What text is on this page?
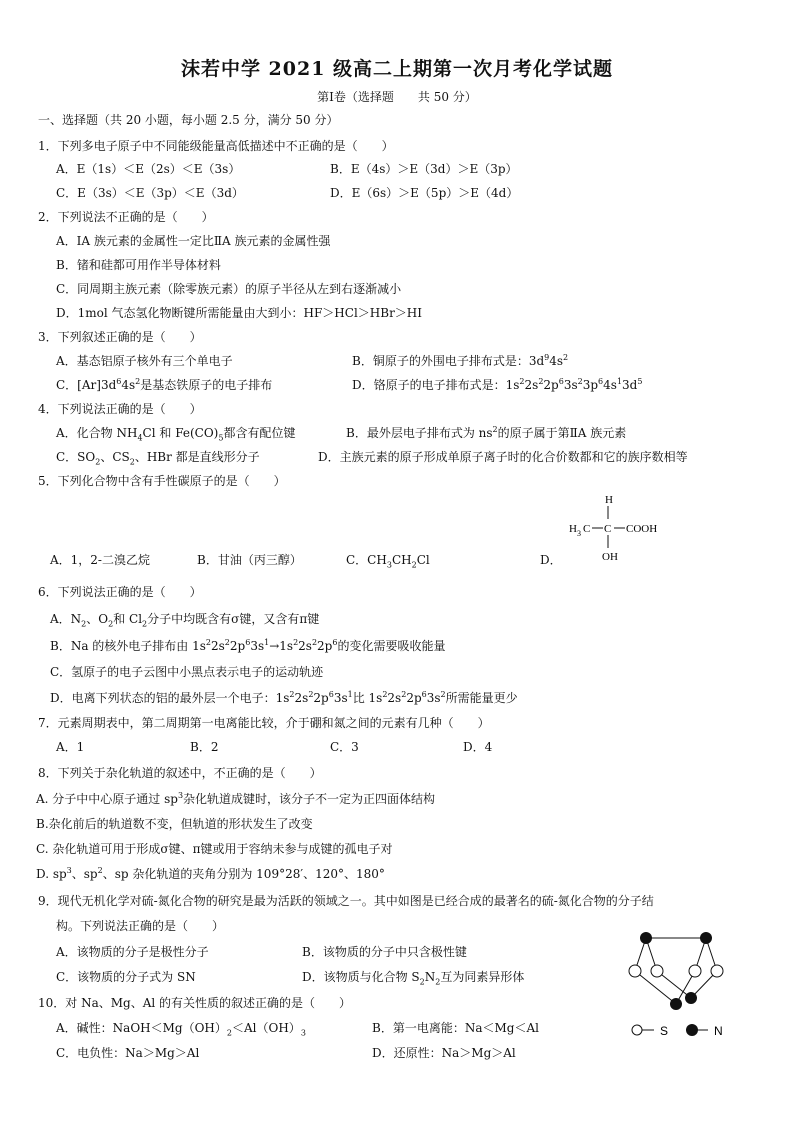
沫若中学 2021 级高二上期第一次月考化学试题
第Ⅰ卷（选择题　　共 50 分）
一、选择题（共 20 小题，每小题 2.5 分，满分 50 分）
1．下列多电子原子中不同能级能量高低描述中不正确的是（　　）
A．E（1s）＜E（2s）＜E（3s）	B．E（4s）＞E（3d）＞E（3p）
C．E（3s）＜E（3p）＜E（3d）	D．E（6s）＞E（5p）＞E（4d）
2．下列说法不正确的是（　　）
A．ⅠA 族元素的金属性一定比ⅡA 族元素的金属性强
B．锗和硅都可用作半导体材料
C．同周期主族元素（除零族元素）的原子半径从左到右逐渐减小
D．1mol 气态氢化物断键所需能量由大到小：HF＞HCl＞HBr＞HI
3．下列叙述正确的是（　　）
A．基态铝原子核外有三个单电子	B．铜原子的外围电子排布式是：$3d^94s^2$
C．$[Ar]3d^64s^2$是基态铁原子的电子排布	D．铬原子的电子排布式是：$1s^22s^22p^63s^23p^64s^13d^5$
4．下列说法正确的是（　　）
A．化合物 $NH_4Cl$ 和 $Fe(CO)_5$都含有配位键	B．最外层电子排布式为 $ns^2$的原子属于第ⅡA 族元素
C．$SO_2$、$CS_2$、HBr 都是直线形分子	D．主族元素的原子形成单原子离子时的化合价数都和它的族序数相等
5．下列化合物中含有手性碳原子的是（　　）
A．1，2-二溴乙烷	B．甘油（丙三醇）	C．$CH_3CH_2Cl$	D．
H
H 3 C C COOH
OH
6．下列说法正确的是（　　）
A．$N_2$、$O_2$和 $Cl_2$分子中均既含有σ键，又含有π键
B．Na 的核外电子排布由 $1s^22s^22p^63s^1\to 1s^22s^22p^6$的变化需要吸收能量
C．氢原子的电子云图中小黑点表示电子的运动轨迹
D．电离下列状态的铝的最外层一个电子：$1s^22s^22p^63s^1$比 $1s^22s^22p^63s^2$所需能量更少
7．元素周期表中，第二周期第一电离能比较，介于硼和氮之间的元素有几种（　　）
A．1	B．2	C．3	D．4
8．下列关于杂化轨道的叙述中，不正确的是（　　）
A. 分子中中心原子通过 $sp^3$杂化轨道成键时，该分子不一定为正四面体结构
B.杂化前后的轨道数不变，但轨道的形状发生了改变
C. 杂化轨道可用于形成σ键、π键或用于容纳未参与成键的孤电子对
D. $sp^3$、$sp^2$、sp 杂化轨道的夹角分别为 109°28′、120°、180°
9．现代无机化学对硫-氮化合物的研究是最为活跃的领域之一。其中如图是已经合成的最著名的硫-氮化合物的分子结
构。下列说法正确的是（　　）
A．该物质的分子是极性分子	B．该物质的分子中只含极性键
C．该物质的分子式为 SN	D．该物质与化合物 $S_2N_2$互为同素异形体
S	N
10．对 Na、Mg、Al 的有关性质的叙述正确的是（　　）
A．碱性：$NaOH<Mg(OH)_2<Al(OH)_3$	B．第一电离能：Na＜Mg＜Al
C．电负性：Na＞Mg＞Al	D．还原性：Na＞Mg＞Al
